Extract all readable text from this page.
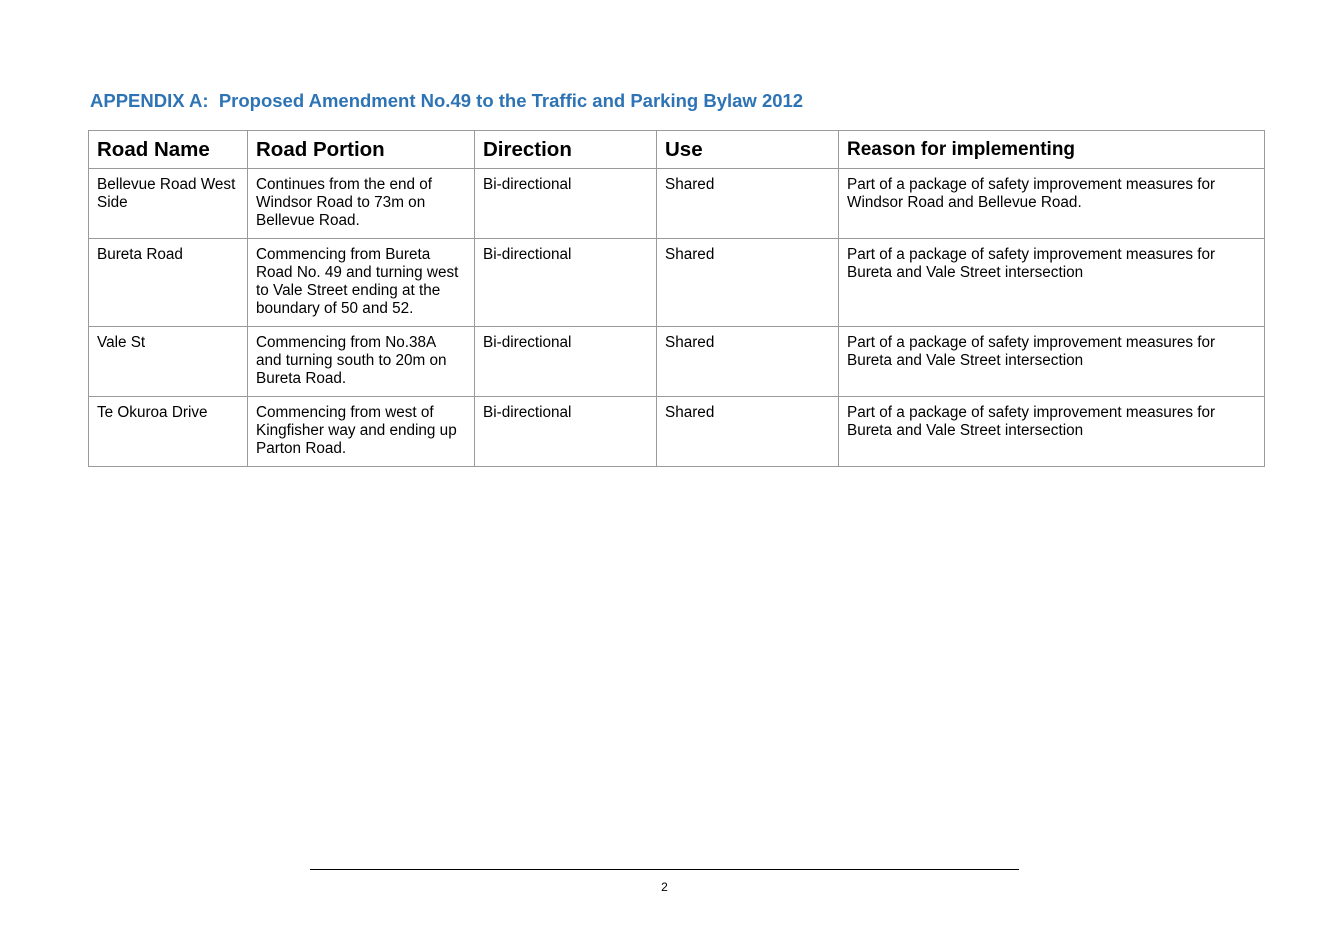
APPENDIX A:  Proposed Amendment No.49 to the Traffic and Parking Bylaw 2012
Road Name	Road Portion	Direction	Use	Reason for implementing
Bellevue Road West Side	Continues from the end of Windsor Road to 73m on Bellevue Road.	Bi-directional	Shared	Part of a package of safety improvement measures for Windsor Road and Bellevue Road.
Bureta Road	Commencing from Bureta Road No. 49 and turning west to Vale Street ending at the boundary of 50 and 52.	Bi-directional	Shared	Part of a package of safety improvement measures for Bureta and Vale Street intersection
Vale St	Commencing from No.38A and turning south to 20m on Bureta Road.	Bi-directional	Shared	Part of a package of safety improvement measures for Bureta and Vale Street intersection
Te Okuroa Drive	Commencing from west of Kingfisher way and ending up Parton Road.	Bi-directional	Shared	Part of a package of safety improvement measures for Bureta and Vale Street intersection
2
